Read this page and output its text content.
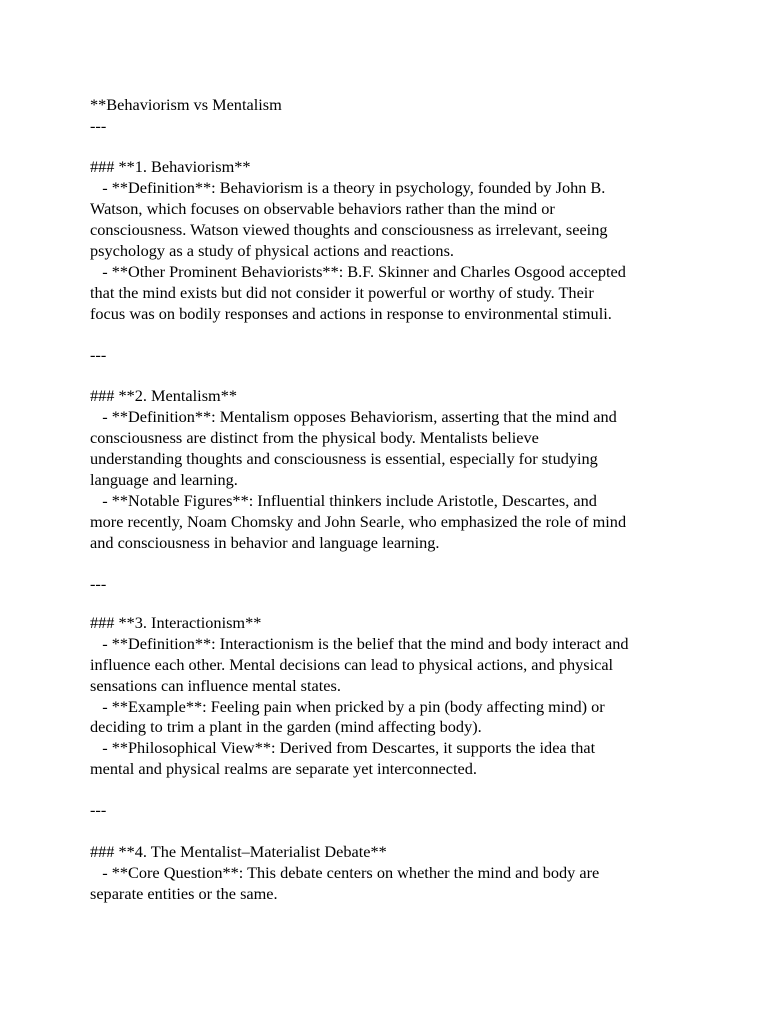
**Behaviorism vs Mentalism

---

### **1. Behaviorism**

- **Definition**: Behaviorism is a theory in psychology, founded by John B.

Watson, which focuses on observable behaviors rather than the mind or

consciousness. Watson viewed thoughts and consciousness as irrelevant, seeing

psychology as a study of physical actions and reactions.

- **Other Prominent Behaviorists**: B.F. Skinner and Charles Osgood accepted

that the mind exists but did not consider it powerful or worthy of study. Their

focus was on bodily responses and actions in response to environmental stimuli.

---

### **2. Mentalism**

- **Definition**: Mentalism opposes Behaviorism, asserting that the mind and

consciousness are distinct from the physical body. Mentalists believe

understanding thoughts and consciousness is essential, especially for studying

language and learning.

- **Notable Figures**: Influential thinkers include Aristotle, Descartes, and

more recently, Noam Chomsky and John Searle, who emphasized the role of mind

and consciousness in behavior and language learning.

---

### **3. Interactionism**

- **Definition**: Interactionism is the belief that the mind and body interact and

influence each other. Mental decisions can lead to physical actions, and physical

sensations can influence mental states.

- **Example**: Feeling pain when pricked by a pin (body affecting mind) or

deciding to trim a plant in the garden (mind affecting body).

- **Philosophical View**: Derived from Descartes, it supports the idea that

mental and physical realms are separate yet interconnected.

---

### **4. The Mentalist–Materialist Debate**

- **Core Question**: This debate centers on whether the mind and body are

separate entities or the same.
